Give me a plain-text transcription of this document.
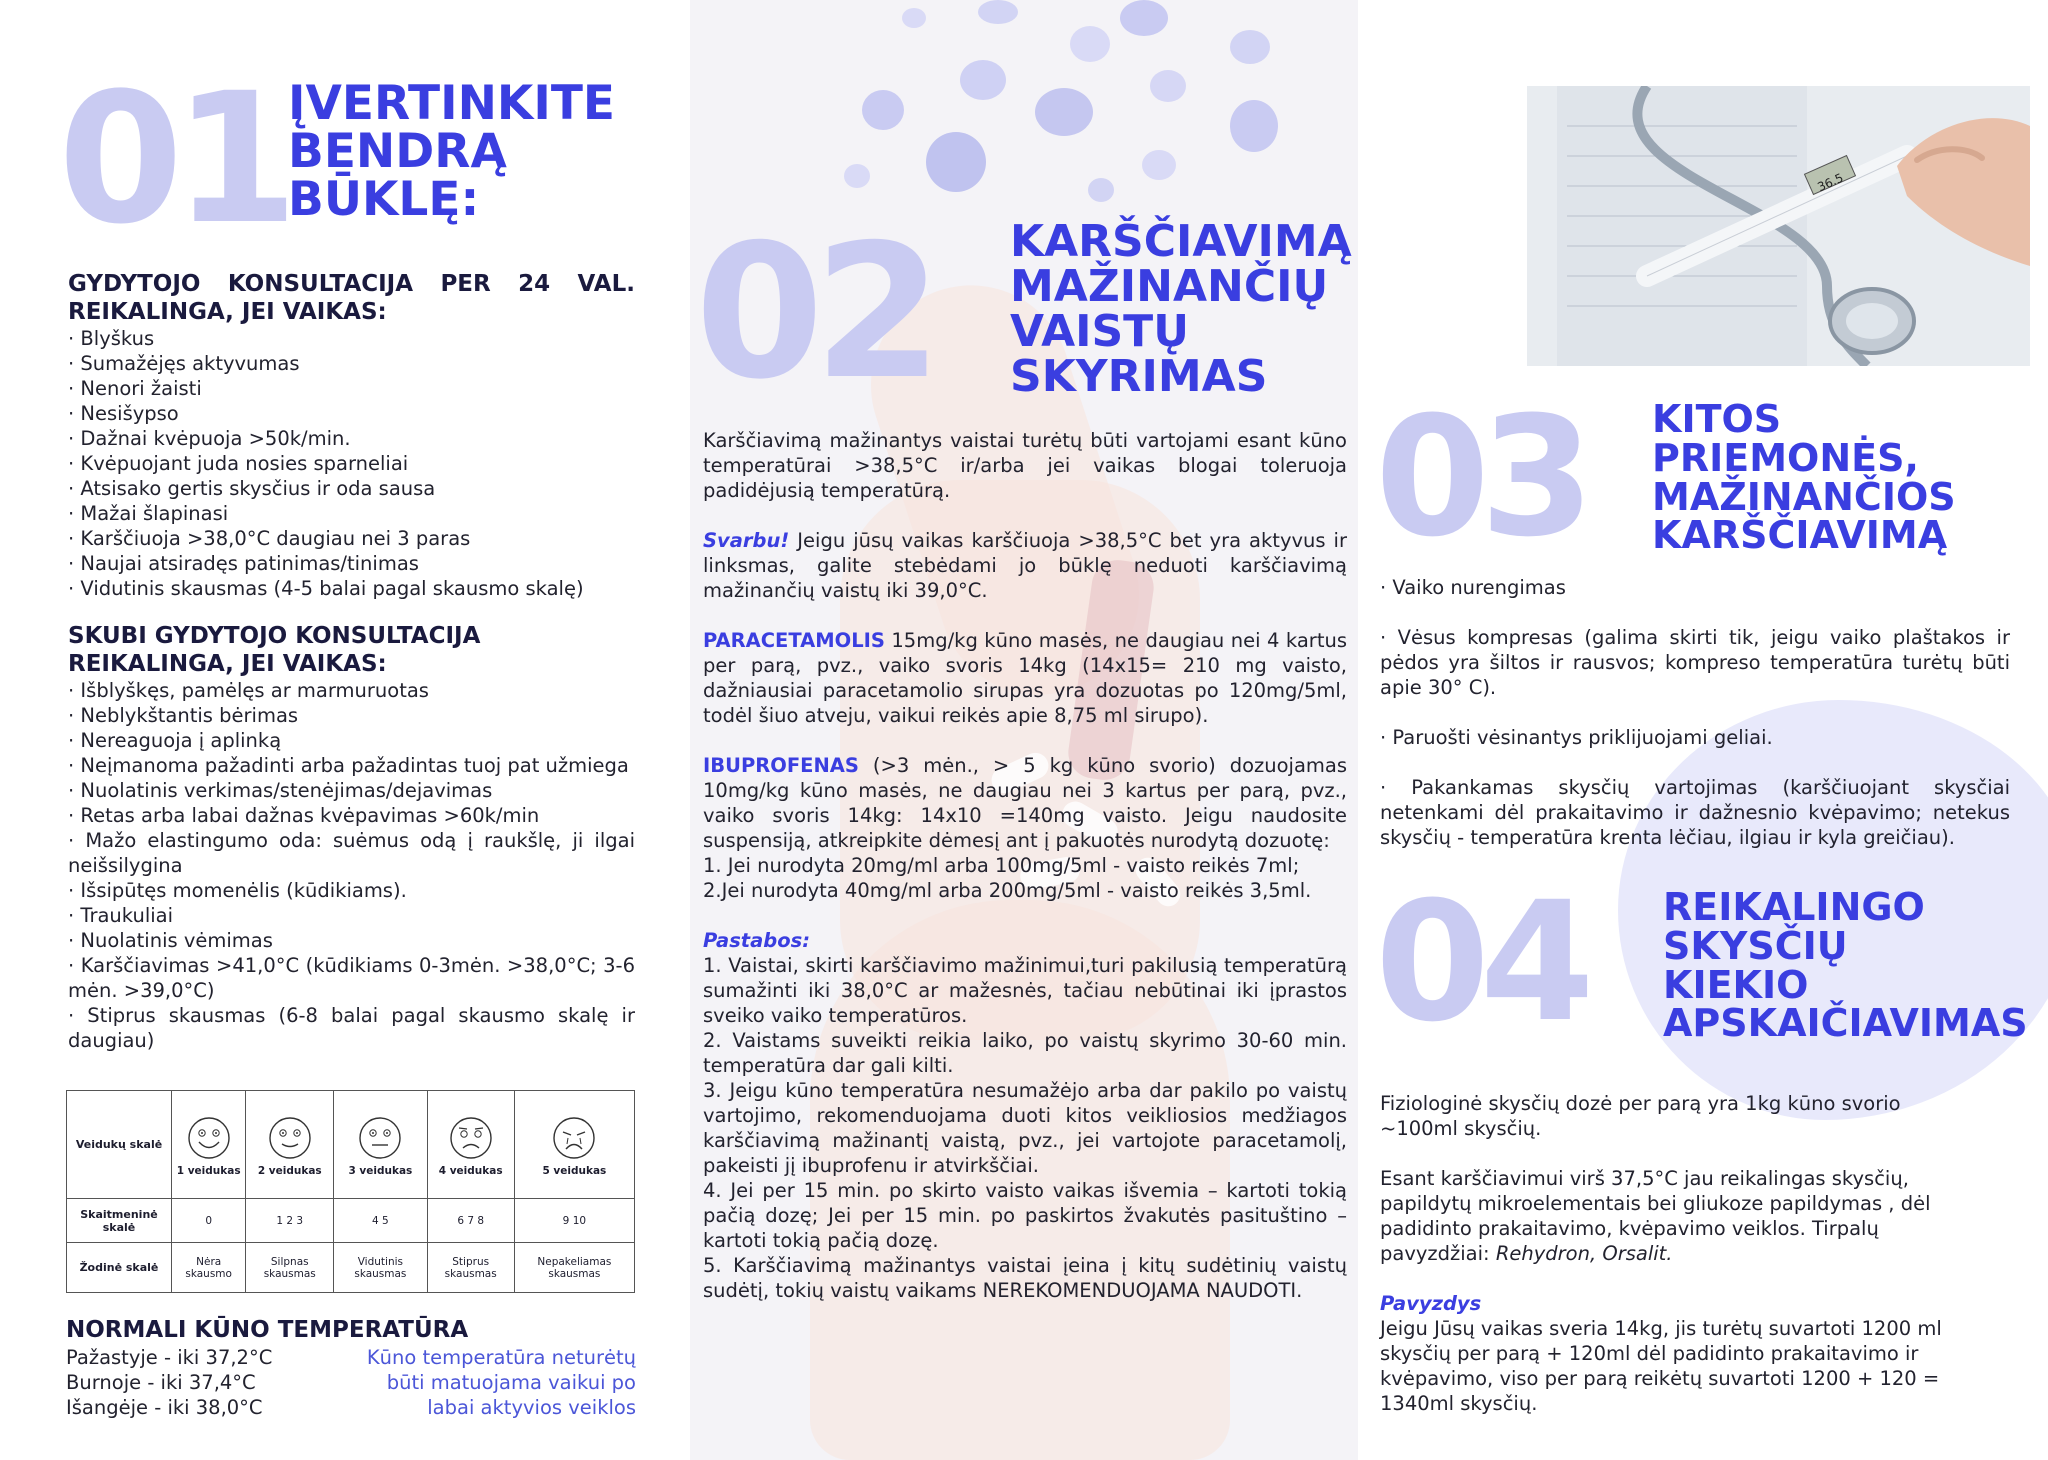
01 ĮVERTINKITE
BENDRĄ
BŪKLĘ:
GYDYTOJO KONSULTACIJA PER 24 VAL.
REIKALINGA, JEI VAIKAS:
· Blyškus
· Sumažėjęs aktyvumas
· Nenori žaisti
· Nesišypso
· Dažnai kvėpuoja >50k/min.
· Kvėpuojant juda nosies sparneliai
· Atsisako gertis skysčius ir oda sausa
· Mažai šlapinasi
· Karščiuoja >38,0°C daugiau nei 3 paras
· Naujai atsiradęs patinimas/tinimas
· Vidutinis skausmas (4-5 balai pagal skausmo skalę)
SKUBI GYDYTOJO KONSULTACIJA
REIKALINGA, JEI VAIKAS:
· Išblyškęs, pamėlęs ar marmuruotas
· Neblykštantis bėrimas
· Nereaguoja į aplinką
· Neįmanoma pažadinti arba pažadintas tuoj pat užmiega
· Nuolatinis verkimas/stenėjimas/dejavimas
· Retas arba labai dažnas kvėpavimas >60k/min
· Mažo elastingumo oda: suėmus odą į raukšlę, ji ilgai neišsilygina
· Išsipūtęs momenėlis (kūdikiams).
· Traukuliai
· Nuolatinis vėmimas
· Karščiavimas >41,0°C (kūdikiams 0-3mėn. >38,0°C; 3-6 mėn. >39,0°C)
· Stiprus skausmas (6-8 balai pagal skausmo skalę ir daugiau)
Veidukų skalė	1 veidukas	2 veidukas	3 veidukas	4 veidukas	5 veidukas

Skaitmeninė skalė	0	1 2 3	4 5	6 7 8	9 10
Žodinė skalė	Nėra skausmo	Silpnas skausmas	Vidutinis skausmas	Stiprus skausmas	Nepakeliamas skausmas
NORMALI KŪNO TEMPERATŪRA
Pažastyje - iki 37,2°C
Burnoje - iki 37,4°C
Išangėje - iki 38,0°C
Kūno temperatūra neturėtų būti matuojama vaikui po labai aktyvios veiklos
02 KARŠČIAVIMĄ
MAŽINANČIŲ
VAISTŲ
SKYRIMAS

Karščiavimą mažinantys vaistai turėtų būti vartojami esant kūno temperatūrai >38,5°C ir/arba jei vaikas blogai toleruoja padidėjusią temperatūrą.

Svarbu! Jeigu jūsų vaikas karščiuoja >38,5°C bet yra aktyvus ir linksmas, galite stebėdami jo būklę neduoti karščiavimą mažinančių vaistų iki 39,0°C.

PARACETAMOLIS 15mg/kg kūno masės, ne daugiau nei 4 kartus per parą, pvz., vaiko svoris 14kg (14x15= 210 mg vaisto, dažniausiai paracetamolio sirupas yra dozuotas po 120mg/5ml, todėl šiuo atveju, vaikui reikės apie 8,75 ml sirupo).

IBUPROFENAS (>3 mėn., > 5 kg kūno svorio) dozuojamas 10mg/kg kūno masės, ne daugiau nei 3 kartus per parą, pvz., vaiko svoris 14kg: 14x10 =140mg vaisto. Jeigu naudosite suspensiją, atkreipkite dėmesį ant į pakuotės nurodytą dozuotę:

1. Jei nurodyta 20mg/ml arba 100mg/5ml - vaisto reikės 7ml;
2.Jei nurodyta 40mg/ml arba 200mg/5ml - vaisto reikės 3,5ml.
Pastabos:
1. Vaistai, skirti karščiavimo mažinimui,turi pakilusią temperatūrą sumažinti iki 38,0°C ar mažesnės, tačiau nebūtinai iki įprastos sveiko vaiko temperatūros.
2. Vaistams suveikti reikia laiko, po vaistų skyrimo 30-60 min. temperatūra dar gali kilti.
3. Jeigu kūno temperatūra nesumažėjo arba dar pakilo po vaistų vartojimo, rekomenduojama duoti kitos veikliosios medžiagos karščiavimą mažinantį vaistą, pvz., jei vartojote paracetamolį, pakeisti jį ibuprofenu ir atvirkščiai.
4. Jei per 15 min. po skirto vaisto vaikas išvemia – kartoti tokią pačią dozę; Jei per 15 min. po paskirtos žvakutės pasituštino – kartoti tokią pačią dozę.
5. Karščiavimą mažinantys vaistai įeina į kitų sudėtinių vaistų sudėtį, tokių vaistų vaikams NEREKOMENDUOJAMA NAUDOTI.
36.5
03 KITOS
PRIEMONĖS,
MAŽINANČIOS
KARŠČIAVIMĄ
· Vaiko nurengimas
· Vėsus kompresas (galima skirti tik, jeigu vaiko plaštakos ir pėdos yra šiltos ir rausvos; kompreso temperatūra turėtų būti apie 30° C).
· Paruošti vėsinantys priklijuojami geliai.
· Pakankamas skysčių vartojimas (karščiuojant skysčiai netenkami dėl prakaitavimo ir dažnesnio kvėpavimo; netekus skysčių - temperatūra krenta lėčiau, ilgiau ir kyla greičiau).
04 REIKALINGO
SKYSČIŲ
KIEKIO
APSKAIČIAVIMAS

Fiziologinė skysčių dozė per parą yra 1kg kūno svorio ~100ml skysčių.

Esant karščiavimui virš 37,5°C jau reikalingas skysčių, papildytų mikroelementais bei gliukoze papildymas , dėl padidinto prakaitavimo, kvėpavimo veiklos. Tirpalų pavyzdžiai: Rehydron, Orsalit.

Pavyzdys
Jeigu Jūsų vaikas sveria 14kg, jis turėtų suvartoti 1200 ml skysčių per parą + 120ml dėl padidinto prakaitavimo ir kvėpavimo, viso per parą reikėtų suvartoti 1200 + 120 = 1340ml skysčių.
